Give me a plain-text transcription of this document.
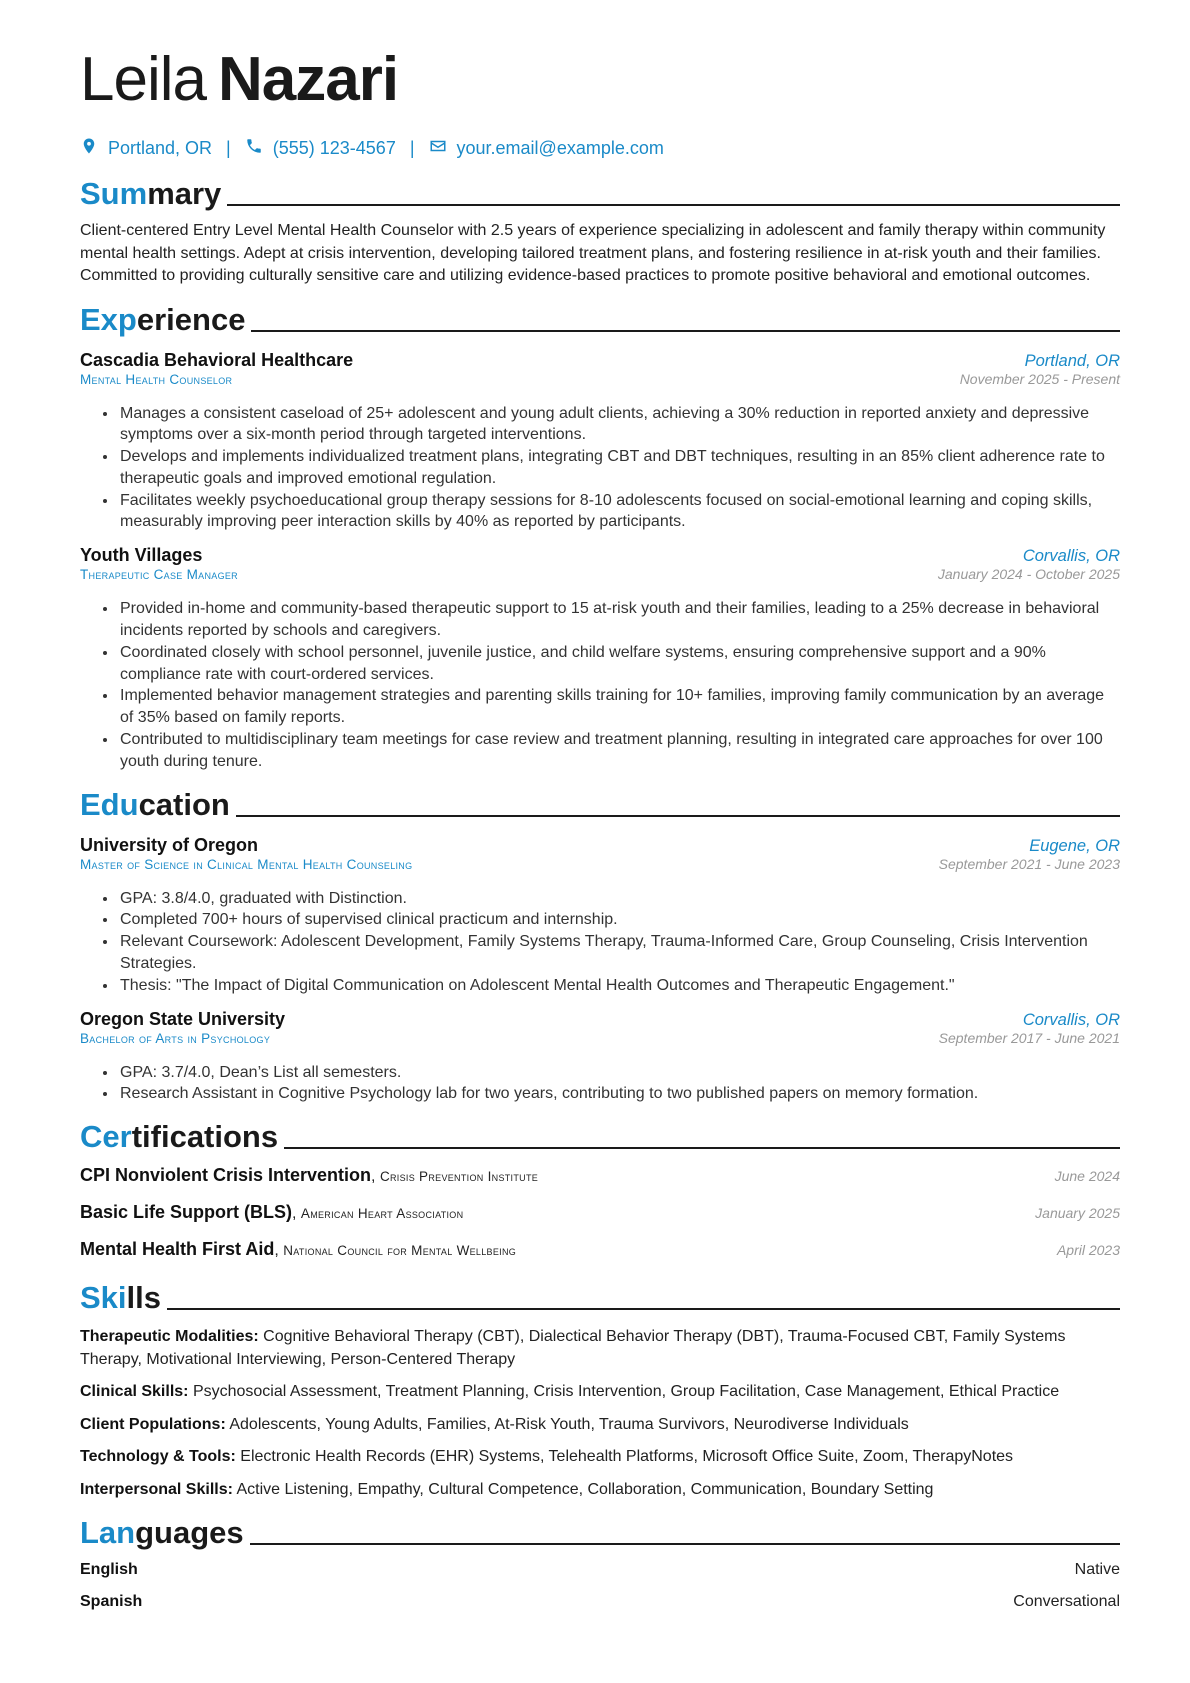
Leila Nazari
Portland, OR | (555) 123-4567 | your.email@example.com
Summary
Client-centered Entry Level Mental Health Counselor with 2.5 years of experience specializing in adolescent and family therapy within community mental health settings. Adept at crisis intervention, developing tailored treatment plans, and fostering resilience in at-risk youth and their families. Committed to providing culturally sensitive care and utilizing evidence-based practices to promote positive behavioral and emotional outcomes.
Experience
Cascadia Behavioral Healthcare	Portland, OR
Mental Health Counselor	November 2025 - Present
• Manages a consistent caseload of 25+ adolescent and young adult clients, achieving a 30% reduction in reported anxiety and depressive symptoms over a six-month period through targeted interventions.
• Develops and implements individualized treatment plans, integrating CBT and DBT techniques, resulting in an 85% client adherence rate to therapeutic goals and improved emotional regulation.
• Facilitates weekly psychoeducational group therapy sessions for 8-10 adolescents focused on social-emotional learning and coping skills, measurably improving peer interaction skills by 40% as reported by participants.
Youth Villages	Corvallis, OR
Therapeutic Case Manager	January 2024 - October 2025
• Provided in-home and community-based therapeutic support to 15 at-risk youth and their families, leading to a 25% decrease in behavioral incidents reported by schools and caregivers.
• Coordinated closely with school personnel, juvenile justice, and child welfare systems, ensuring comprehensive support and a 90% compliance rate with court-ordered services.
• Implemented behavior management strategies and parenting skills training for 10+ families, improving family communication by an average of 35% based on family reports.
• Contributed to multidisciplinary team meetings for case review and treatment planning, resulting in integrated care approaches for over 100 youth during tenure.
Education
University of Oregon	Eugene, OR
Master of Science in Clinical Mental Health Counseling	September 2021 - June 2023
• GPA: 3.8/4.0, graduated with Distinction.
• Completed 700+ hours of supervised clinical practicum and internship.
• Relevant Coursework: Adolescent Development, Family Systems Therapy, Trauma-Informed Care, Group Counseling, Crisis Intervention Strategies.
• Thesis: "The Impact of Digital Communication on Adolescent Mental Health Outcomes and Therapeutic Engagement."
Oregon State University	Corvallis, OR
Bachelor of Arts in Psychology	September 2017 - June 2021
• GPA: 3.7/4.0, Dean’s List all semesters.
• Research Assistant in Cognitive Psychology lab for two years, contributing to two published papers on memory formation.
Certifications
CPI Nonviolent Crisis Intervention, Crisis Prevention Institute	June 2024
Basic Life Support (BLS), American Heart Association	January 2025
Mental Health First Aid, National Council for Mental Wellbeing	April 2023
Skills
Therapeutic Modalities: Cognitive Behavioral Therapy (CBT), Dialectical Behavior Therapy (DBT), Trauma-Focused CBT, Family Systems Therapy, Motivational Interviewing, Person-Centered Therapy
Clinical Skills: Psychosocial Assessment, Treatment Planning, Crisis Intervention, Group Facilitation, Case Management, Ethical Practice
Client Populations: Adolescents, Young Adults, Families, At-Risk Youth, Trauma Survivors, Neurodiverse Individuals
Technology & Tools: Electronic Health Records (EHR) Systems, Telehealth Platforms, Microsoft Office Suite, Zoom, TherapyNotes
Interpersonal Skills: Active Listening, Empathy, Cultural Competence, Collaboration, Communication, Boundary Setting
Languages
English	Native
Spanish	Conversational
